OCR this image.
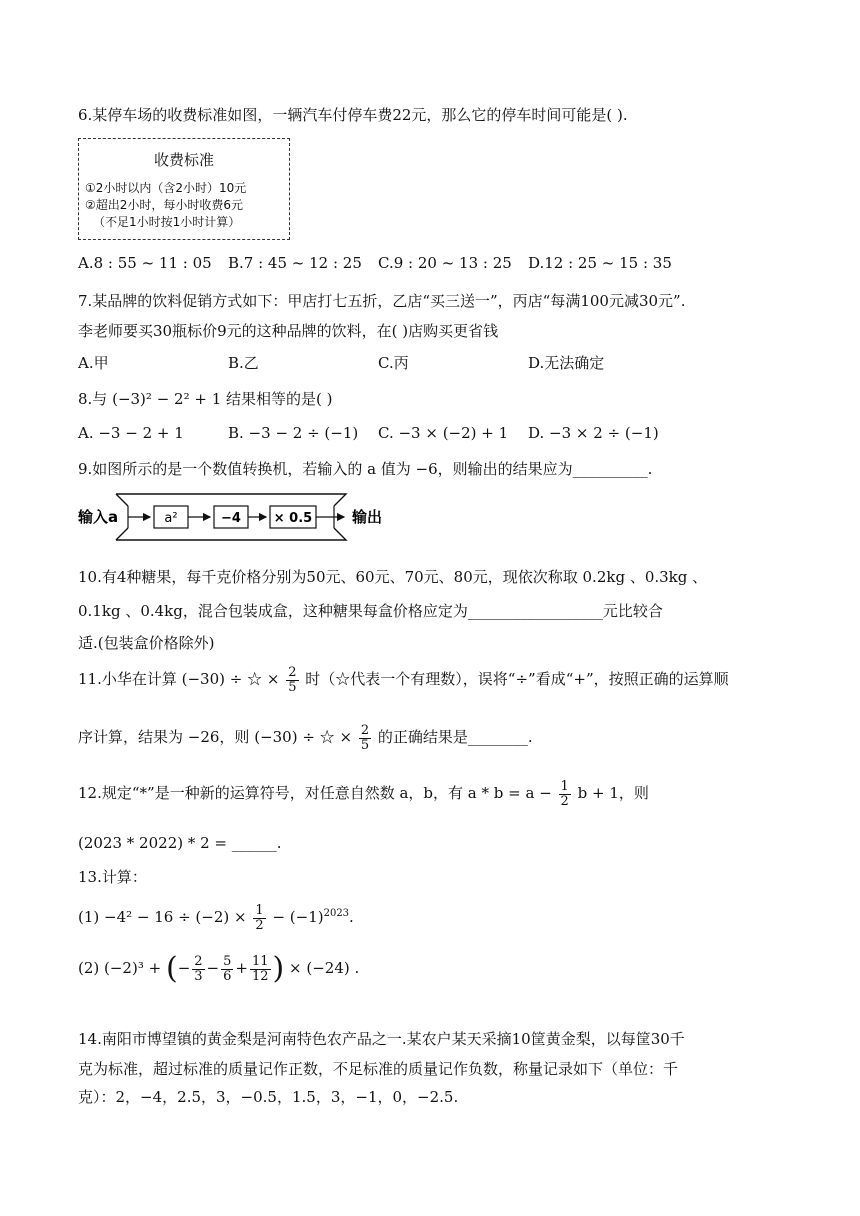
6.某停车场的收费标准如图，一辆汽车付停车费22元，那么它的停车时间可能是( ).
收费标准
①2小时以内（含2小时）10元
②超出2小时，每小时收费6元
（不足1小时按1小时计算）
A.8 : 55 ~ 11 : 05 B.7 : 45 ~ 12 : 25 C.9 : 20 ~ 13 : 25 D.12 : 25 ~ 15 : 35
7.某品牌的饮料促销方式如下：甲店打七五折，乙店“买三送一”，丙店“每满100元减30元”.
李老师要买30瓶标价9元的这种品牌的饮料，在( )店购买更省钱
A.甲	B.乙	C.丙	D.无法确定
8.与 (−3)² − 2² + 1 结果相等的是( )
A. −3 − 2 + 1	B. −3 − 2 ÷ (−1) C. −3 × (−2) + 1 D. −3 × 2 ÷ (−1)
9.如图所示的是一个数值转换机，若输入的 a 值为 −6，则输出的结果应为__________.
输入a	a²	−4	× 0.5	输出
10.有4种糖果，每千克价格分别为50元、60元、70元、80元，现依次称取 0.2kg 、0.3kg 、
0.1kg 、0.4kg，混合包装成盒，这种糖果每盒价格应定为__________________元比较合
适.(包装盒价格除外)
11.小华在计算 (−30) ÷ ☆ × $\frac{2}{5}$ 时（☆代表一个有理数），误将“÷”看成“+”，按照正确的运算顺
序计算，结果为 −26，则 (−30) ÷ ☆ × $\frac{2}{5}$ 的正确结果是________.
12.规定“*”是一种新的运算符号，对任意自然数 a，b，有 $a * b = a - \frac{1}{2}$ b + 1，则
(2023 * 2022) * 2 = ______.
13.计算：
$(1) -4^2 - 16 \div (-2) \times \frac{1}{2} - (-1)^{2023}$.
(2) (−2)³ + (− $\frac{2}{3} - \frac{5}{6} + \frac{11}{12}$ ) × (−24) .
14.南阳市博望镇的黄金梨是河南特色农产品之一.某农户某天采摘10筐黄金梨，以每筐30千
克为标准，超过标准的质量记作正数，不足标准的质量记作负数，称量记录如下（单位：千
克）：2，−4，2.5，3，−0.5，1.5，3，−1，0，−2.5.
